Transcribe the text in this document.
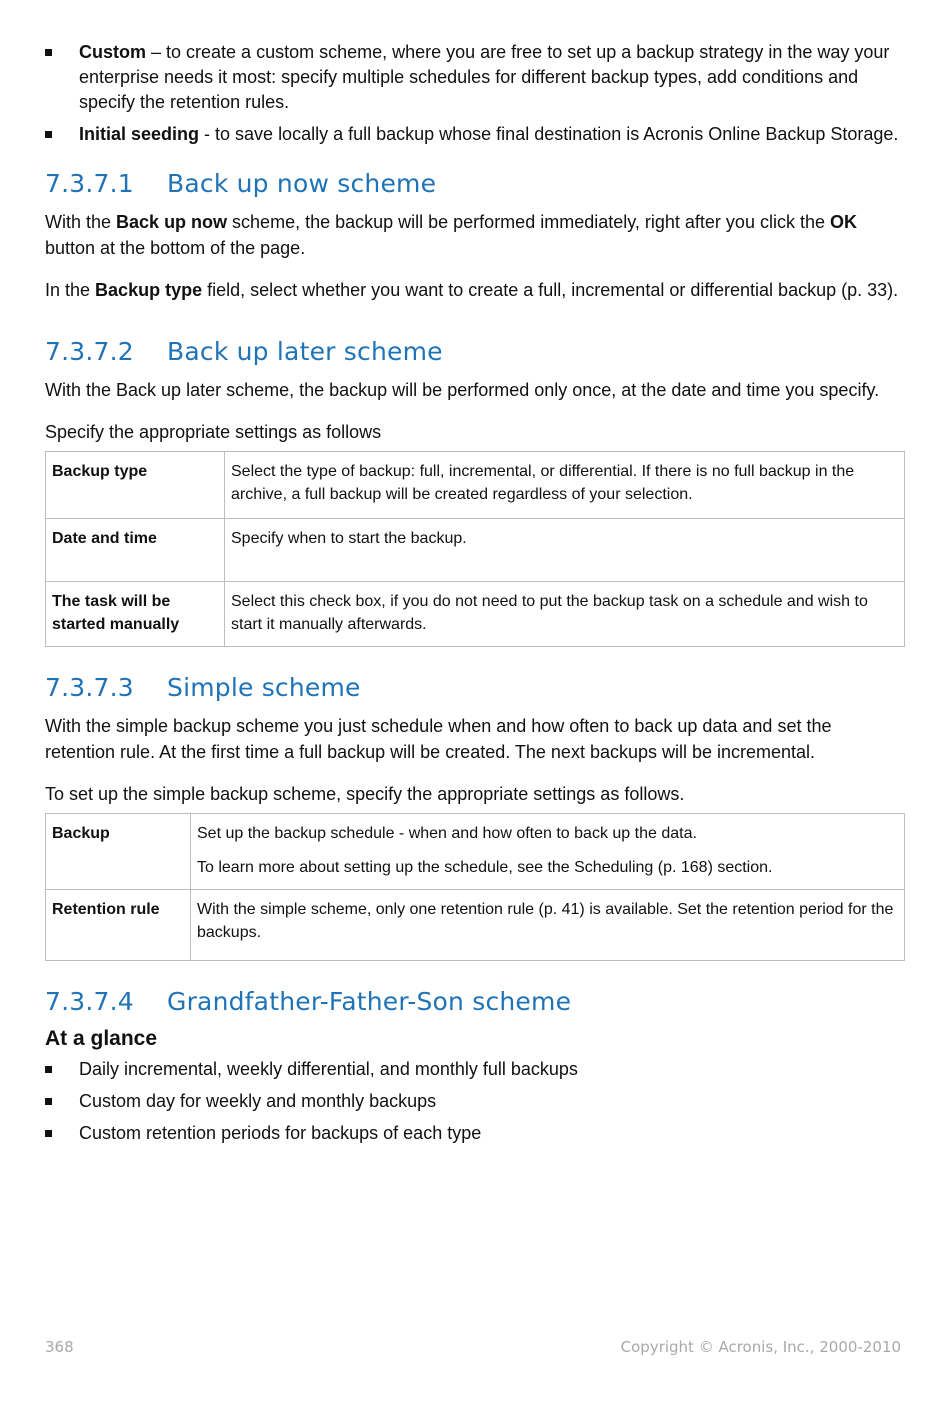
Custom – to create a custom scheme, where you are free to set up a backup strategy in the way your enterprise needs it most: specify multiple schedules for different backup types, add conditions and specify the retention rules.
Initial seeding - to save locally a full backup whose final destination is Acronis Online Backup Storage.
7.3.7.1 Back up now scheme

With the Back up now scheme, the backup will be performed immediately, right after you click the OK button at the bottom of the page.

In the Backup type field, select whether you want to create a full, incremental or differential backup (p. 33).

7.3.7.2 Back up later scheme

With the Back up later scheme, the backup will be performed only once, at the date and time you specify.

Specify the appropriate settings as follows

Backup type	Select the type of backup: full, incremental, or differential. If there is no full backup in the archive, a full backup will be created regardless of your selection.
Date and time	Specify when to start the backup.
The task will be started manually	Select this check box, if you do not need to put the backup task on a schedule and wish to start it manually afterwards.
7.3.7.3 Simple scheme

With the simple backup scheme you just schedule when and how often to back up data and set the retention rule. At the first time a full backup will be created. The next backups will be incremental.

To set up the simple backup scheme, specify the appropriate settings as follows.

Backup	Set up the backup schedule - when and how often to back up the data.
To learn more about setting up the schedule, see the Scheduling (p. 168) section.

Retention rule	With the simple scheme, only one retention rule (p. 41) is available. Set the retention period for the backups.
7.3.7.4 Grandfather-Father-Son scheme
At a glance
Daily incremental, weekly differential, and monthly full backups
Custom day for weekly and monthly backups
Custom retention periods for backups of each type
368	Copyright © Acronis, Inc., 2000-2010
